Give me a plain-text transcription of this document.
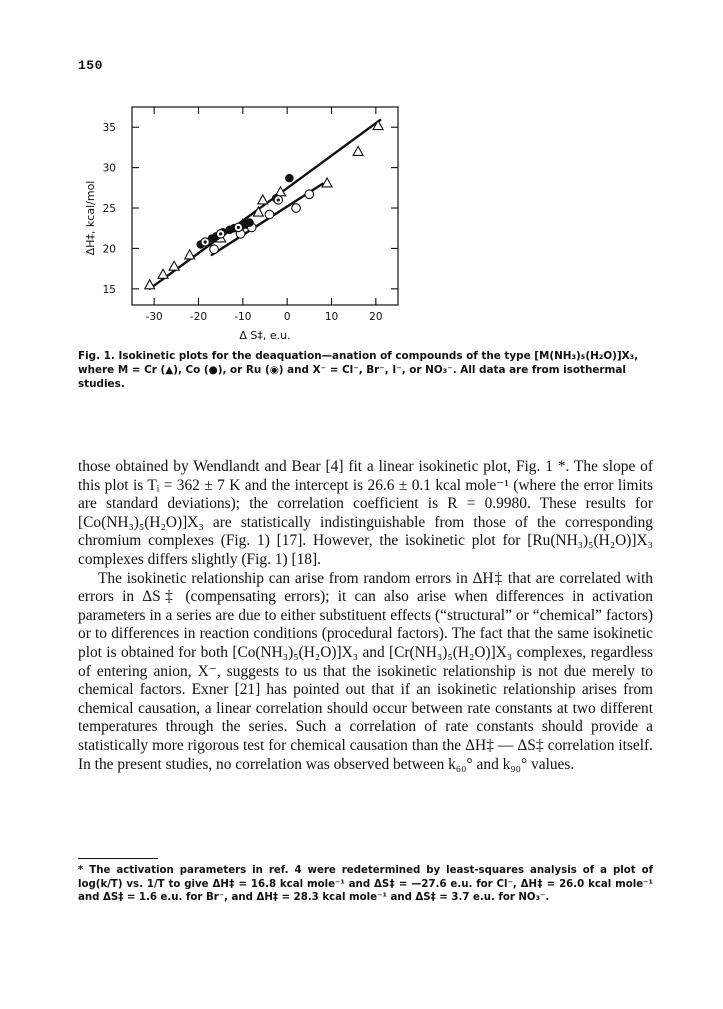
150
-30	-20	-10	0	10	20
15
20
25
30
35
Δ S‡, e.u.
ΔH‡, kcal/mol

Fig. 1. Isokinetic plots for the deaquation—anation of compounds of the type [M(NH₃)₅(H₂O)]X₃, where M = Cr (▲), Co (●), or Ru (◉) and X⁻ = Cl⁻, Br⁻, I⁻, or NO₃⁻. All data are from isothermal studies.

those obtained by Wendlandt and Bear [4] fit a linear isokinetic plot, Fig. 1 *. The slope of this plot is Tᵢ = 362 ± 7 K and the intercept is 26.6 ± 0.1 kcal mole⁻¹ (where the error limits are standard deviations); the correlation coefficient is R = 0.9980. These results for [Co(NH₃)₅(H₂O)]X₃ are statistically indistinguishable from those of the corresponding chromium complexes (Fig. 1) [17]. However, the isokinetic plot for [Ru(NH₃)₅(H₂O)]X₃ complexes differs slightly (Fig. 1) [18].

The isokinetic relationship can arise from random errors in ΔH‡ that are correlated with errors in ΔS‡ (compensating errors); it can also arise when differences in activation parameters in a series are due to either substituent effects (“structural” or “chemical” factors) or to differences in reaction conditions (procedural factors). The fact that the same isokinetic plot is obtained for both [Co(NH₃)₅(H₂O)]X₃ and [Cr(NH₃)₅(H₂O)]X₃ complexes, regardless of entering anion, X⁻, suggests to us that the isokinetic relationship is not due merely to chemical factors. Exner [21] has pointed out that if an isokinetic relationship arises from chemical causation, a linear correlation should occur between rate constants at two different temperatures through the series. Such a correlation of rate constants should provide a statistically more rigorous test for chemical causation than the ΔH‡ — ΔS‡ correlation itself. In the present studies, no correlation was observed between k₆₀° and k₉₀° values.

* The activation parameters in ref. 4 were redetermined by least-squares analysis of a plot of log(k/T) vs. 1/T to give ΔH‡ = 16.8 kcal mole⁻¹ and ΔS‡ = —27.6 e.u. for Cl⁻, ΔH‡ = 26.0 kcal mole⁻¹ and ΔS‡ = 1.6 e.u. for Br⁻, and ΔH‡ = 28.3 kcal mole⁻¹ and ΔS‡ = 3.7 e.u. for NO₃⁻.
